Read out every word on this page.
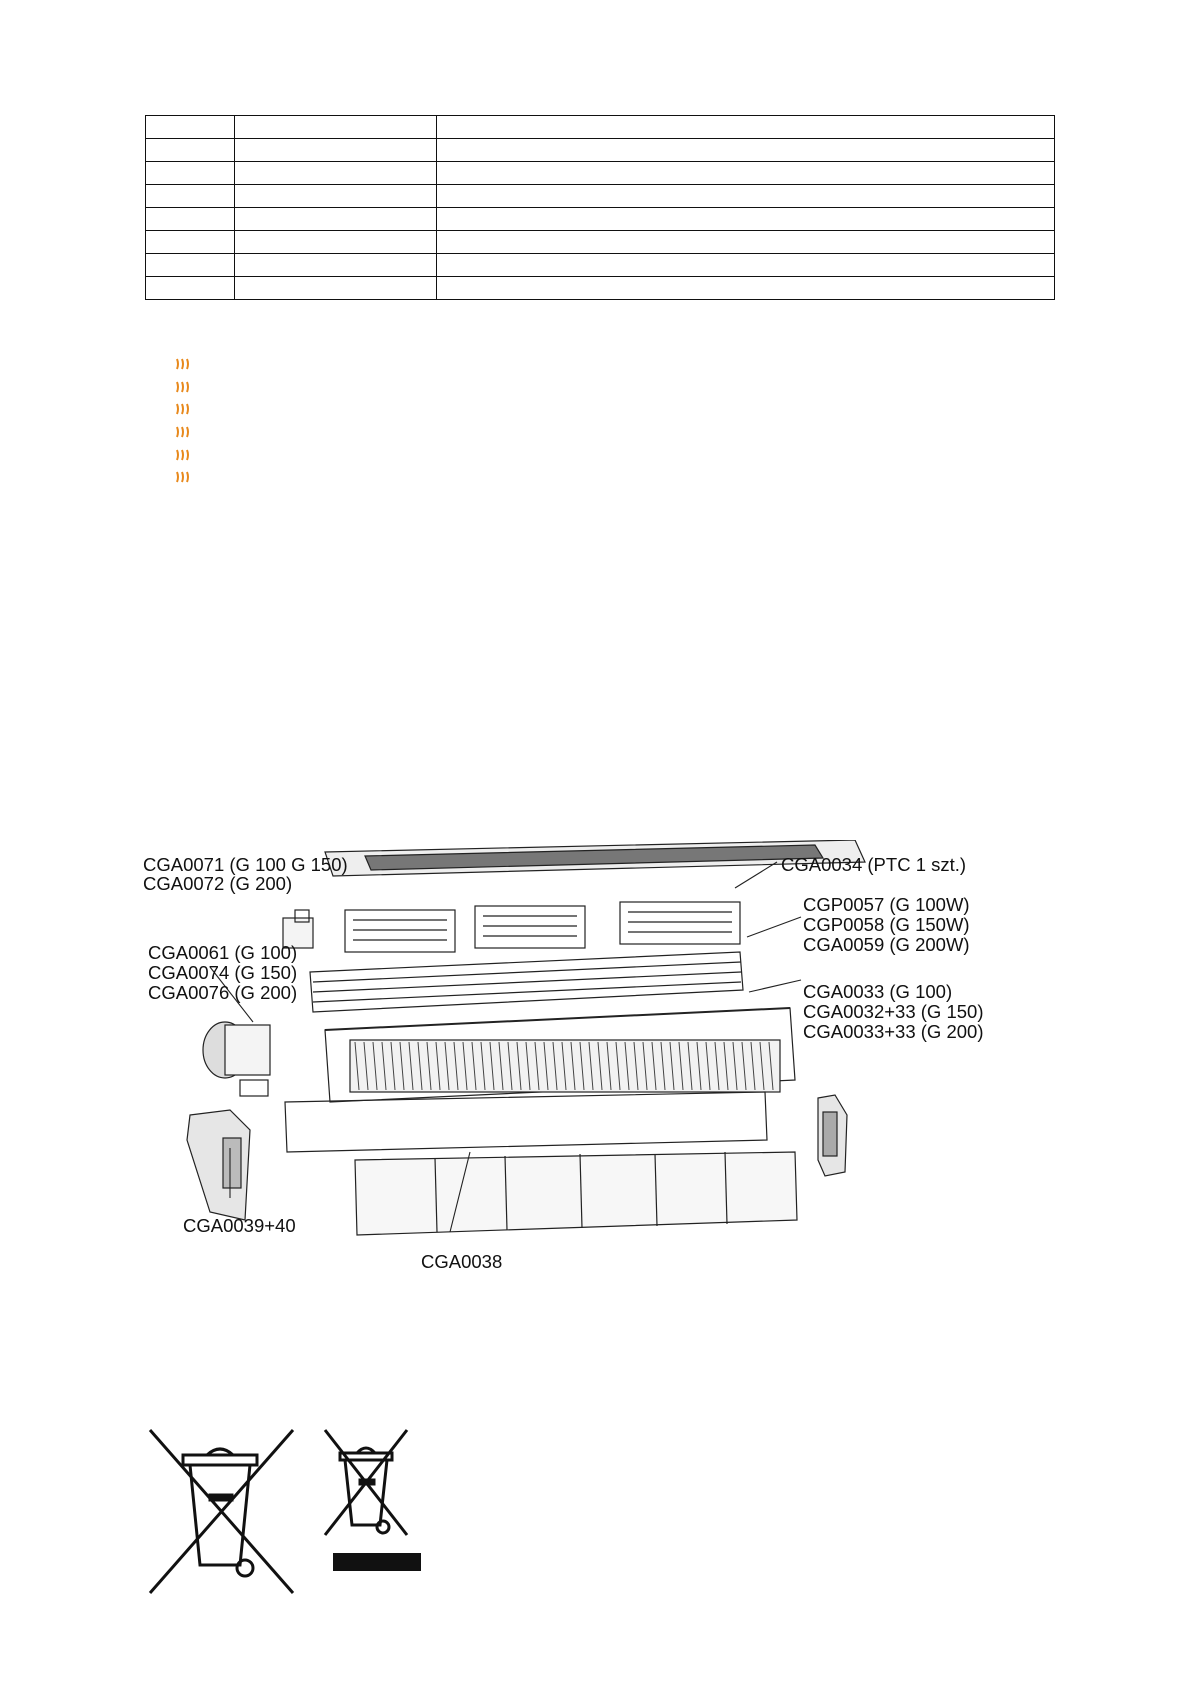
CGA0071 (G 100 G 150)
CGA0072 (G 200)
CGA0061 (G 100)
CGA0074 (G 150)
CGA0076 (G 200)
CGA0039+40
CGA0038
CGA0034 (PTC 1 szt.)
CGP0057 (G 100W)
CGP0058 (G 150W)
CGA0059 (G 200W)
CGA0033 (G 100)
CGA0032+33 (G 150)
CGA0033+33 (G 200)
